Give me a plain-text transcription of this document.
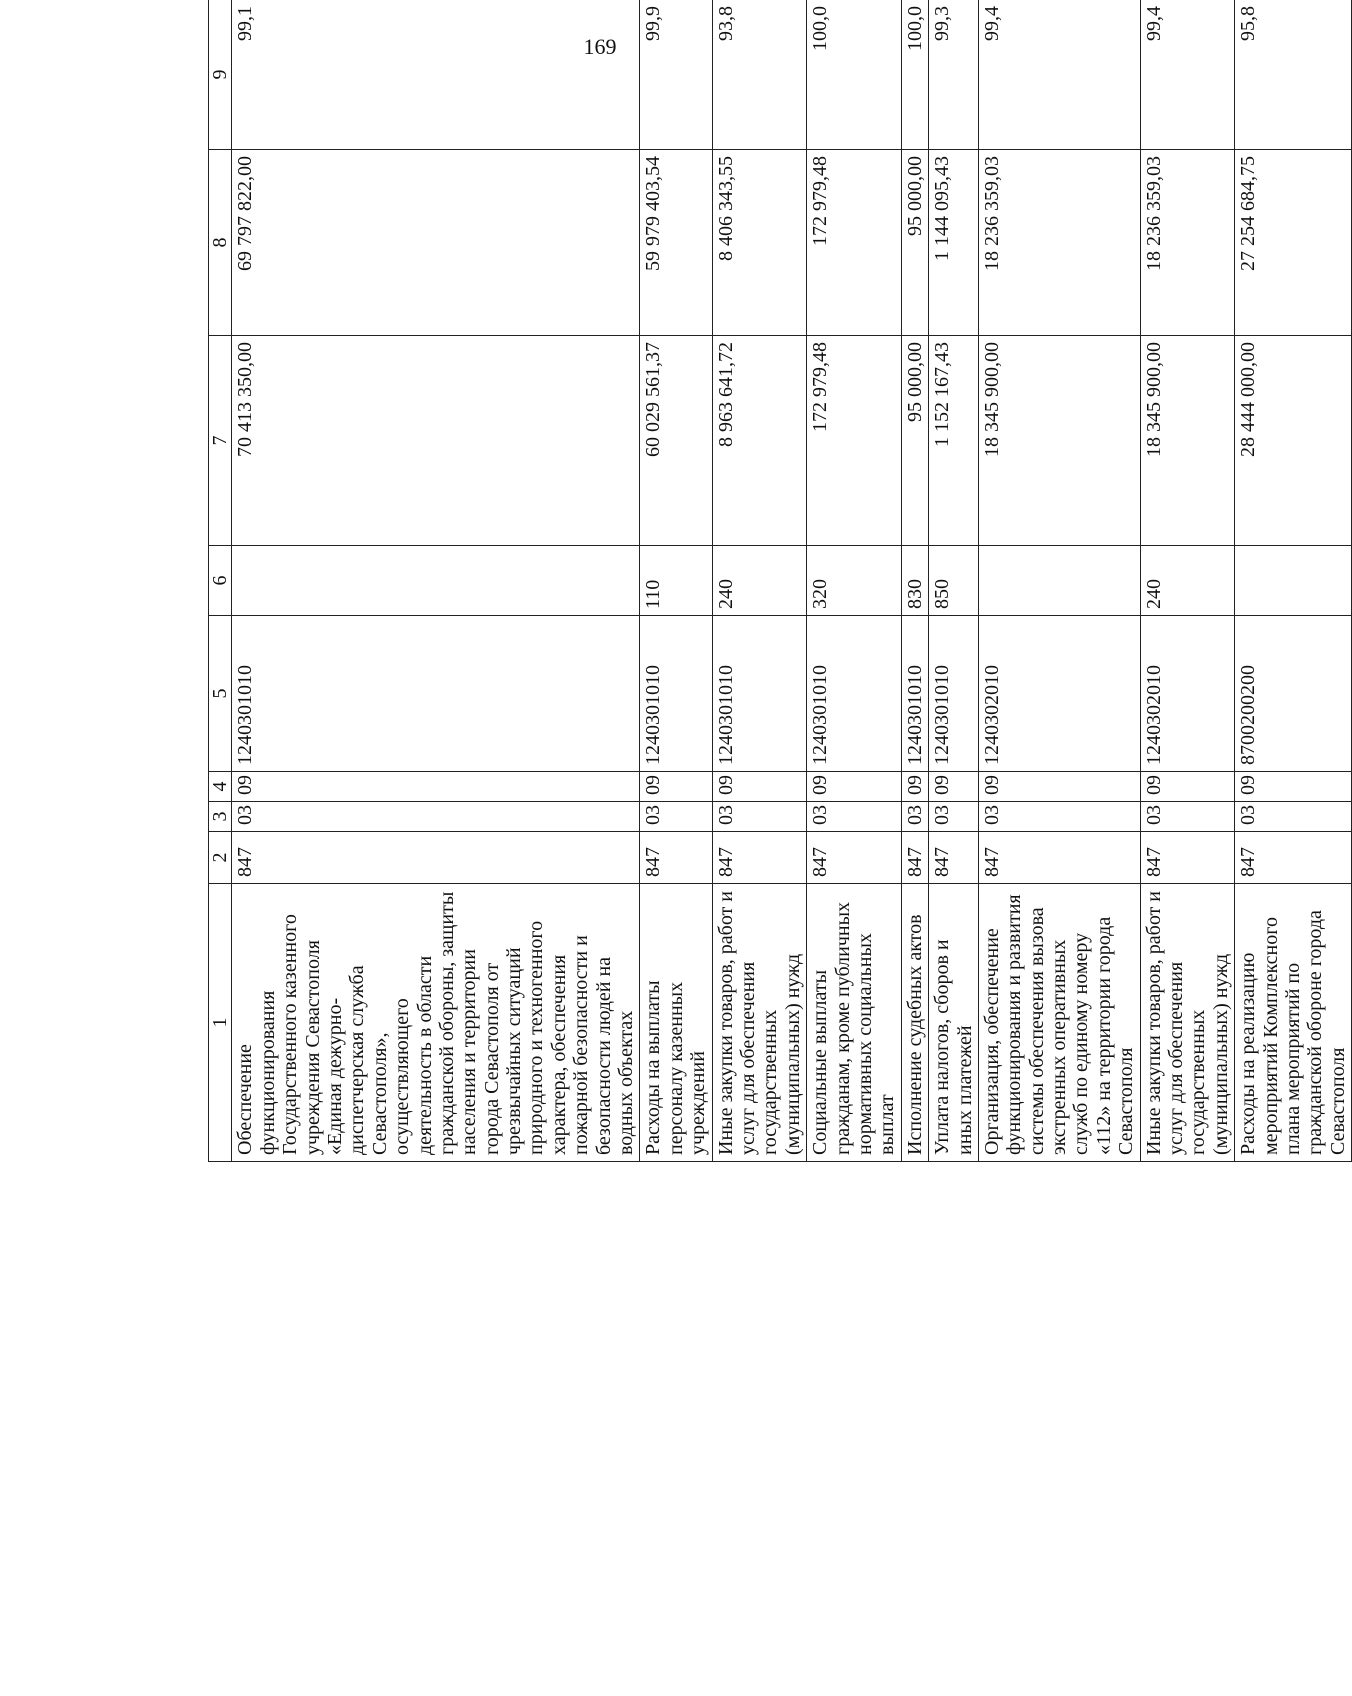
169
1	2	3	4	5	6	7	8	9
Обеспечение функционирования Государственного казенного учреждения Севастополя «Единая дежурно-диспетчерская служба Севастополя», осуществляющего деятельность в области гражданской обороны, защиты населения и территории города Севастополя от чрезвычайных ситуаций природного и техногенного характера, обеспечения пожарной безопасности и безопасности людей на водных объектах	847	03	09	1240301010		70 413 350,00	69 797 822,00	99,1
Расходы на выплаты персоналу казенных учреждений	847	03	09	1240301010	110	60 029 561,37	59 979 403,54	99,9
Иные закупки товаров, работ и услуг для обеспечения государственных (муниципальных) нужд	847	03	09	1240301010	240	8 963 641,72	8 406 343,55	93,8
Социальные выплаты гражданам, кроме публичных нормативных социальных выплат	847	03	09	1240301010	320	172 979,48	172 979,48	100,0
Исполнение судебных актов	847	03	09	1240301010	830	95 000,00	95 000,00	100,0
Уплата налогов, сборов и иных платежей	847	03	09	1240301010	850	1 152 167,43	1 144 095,43	99,3
Организация, обеспечение функционирования и развития системы обеспечения вызова экстренных оперативных служб по единому номеру «112» на территории города Севастополя	847	03	09	1240302010		18 345 900,00	18 236 359,03	99,4
Иные закупки товаров, работ и услуг для обеспечения государственных (муниципальных) нужд	847	03	09	1240302010	240	18 345 900,00	18 236 359,03	99,4
Расходы на реализацию мероприятий Комплексного плана мероприятий по гражданской обороне города Севастополя	847	03	09	8700200200		28 444 000,00	27 254 684,75	95,8
